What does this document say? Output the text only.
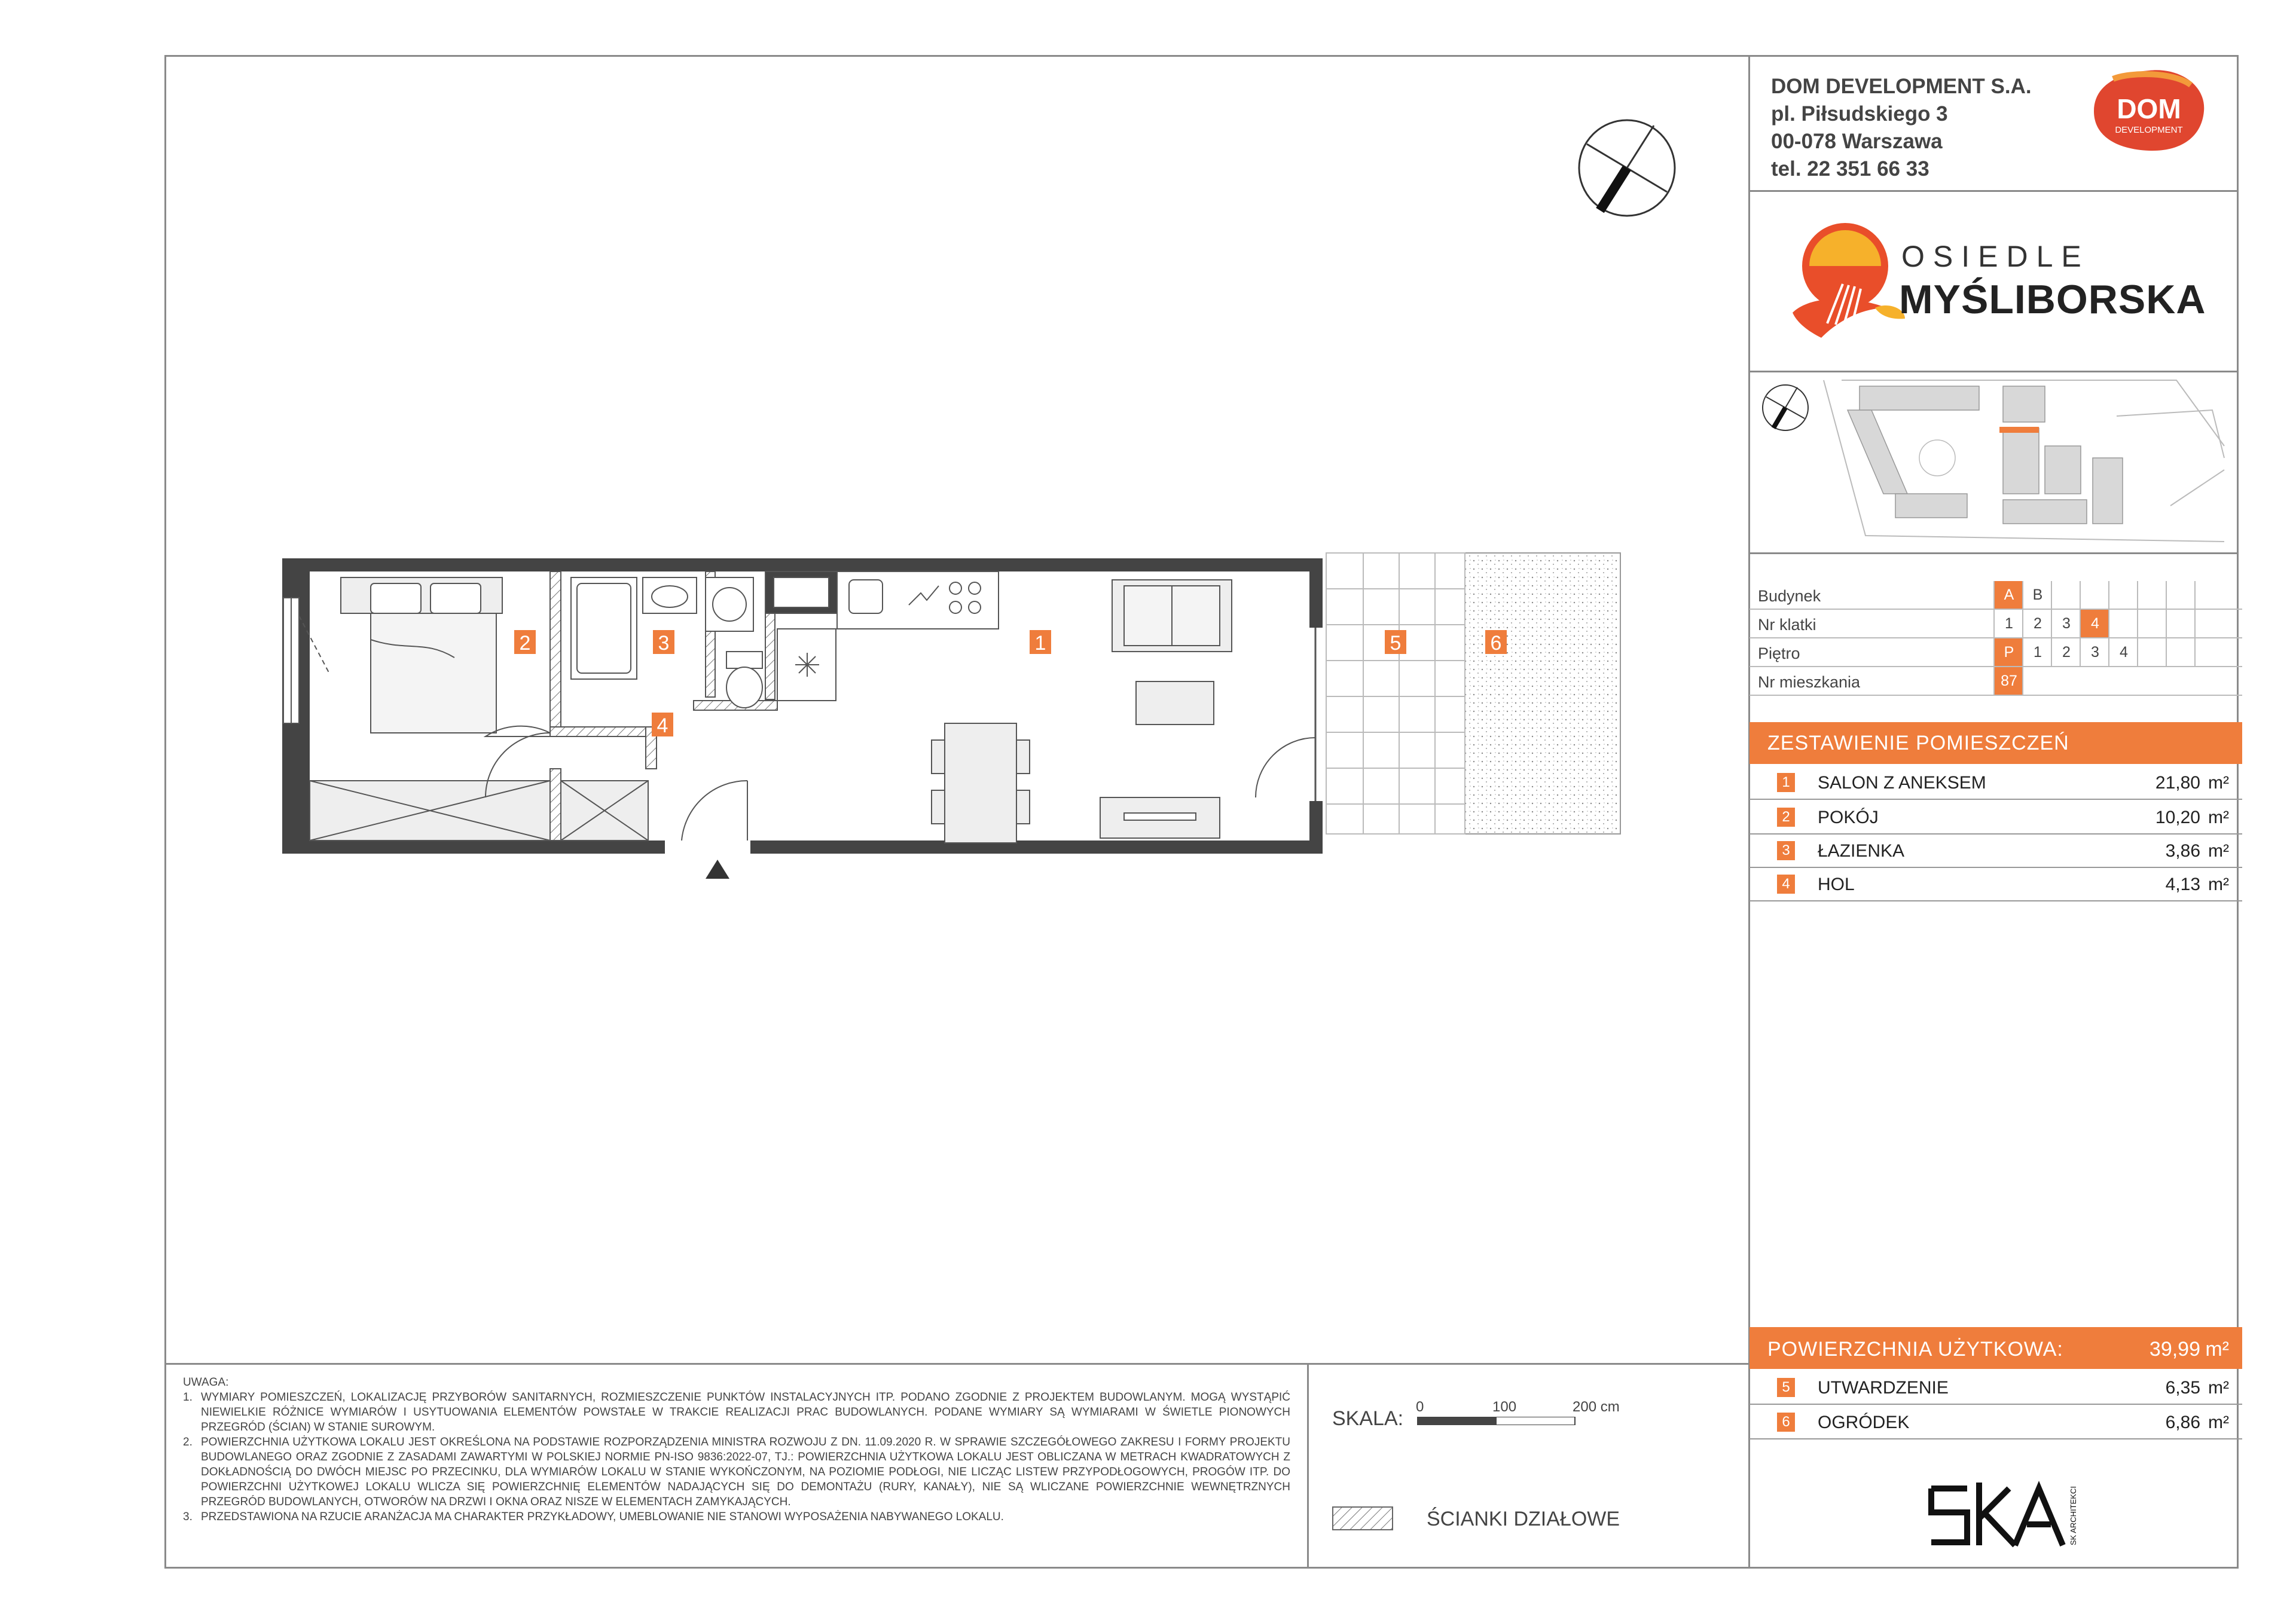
DOM DEVELOPMENT S.A.
pl. Piłsudskiego 3
00-078 Warszawa
tel. 22 351 66 33
DOM
DEVELOPMENT
OSIEDLE
MYŚLIBORSKA
Budynek	A	B
Nr klatki	1	2	3	4
Piętro	P	1	2	3	4
Nr mieszkania	87
ZESTAWIENIE POMIESZCZEŃ
1 SALON Z ANEKSEM	21,80 m²
2 POKÓJ	10,20 m²
3 ŁAZIENKA	3,86 m²
4 HOL	4,13 m²
POWIERZCHNIA UŻYTKOWA:	39,99 m²
5 UTWARDZENIE	6,35 m²
6 OGRÓDEK	6,86 m²
1
2	3
4
5	6

UWAGA:

1. WYMIARY POMIESZCZEŃ, LOKALIZACJĘ PRZYBORÓW SANITARNYCH, ROZMIESZCZENIE PUNKTÓW INSTALACYJNYCH ITP. PODANO ZGODNIE Z PROJEKTEM BUDOWLANYM. MOGĄ WYSTĄPIĆ NIEWIELKIE RÓŻNICE WYMIARÓW I USYTUOWANIA ELEMENTÓW POWSTAŁE W TRAKCIE REALIZACJI PRAC BUDOWLANYCH. PODANE WYMIARY SĄ WYMIARAMI W ŚWIETLE PIONOWYCH PRZEGRÓD (ŚCIAN) W STANIE SUROWYM.

2. POWIERZCHNIA UŻYTKOWA LOKALU JEST OKREŚLONA NA PODSTAWIE ROZPORZĄDZENIA MINISTRA ROZWOJU Z DN. 11.09.2020 R. W SPRAWIE SZCZEGÓŁOWEGO ZAKRESU I FORMY PROJEKTU BUDOWLANEGO ORAZ ZGODNIE Z ZASADAMI ZAWARTYMI W POLSKIEJ NORMIE PN-ISO 9836:2022-07, TJ.: POWIERZCHNIA UŻYTKOWA LOKALU JEST OBLICZANA W METRACH KWADRATOWYCH Z DOKŁADNOŚCIĄ DO DWÓCH MIEJSC PO PRZECINKU, DLA WYMIARÓW LOKALU W STANIE WYKOŃCZONYM, NA POZIOMIE PODŁOGI, NIE LICZĄC LISTEW PRZYPODŁOGOWYCH, PROGÓW ITP. DO POWIERZCHNI UŻYTKOWEJ LOKALU WLICZA SIĘ POWIERZCHNIĘ ELEMENTÓW NADAJĄCYCH SIĘ DO DEMONTAŻU (RURY, KANAŁY), NIE SĄ WLICZANE POWIERZCHNIE WEWNĘTRZNYCH PRZEGRÓD BUDOWLANYCH, OTWORÓW NA DRZWI I OKNA ORAZ NISZE W ELEMENTACH ZAMYKAJĄCYCH.

3. PRZEDSTAWIONA NA RZUCIE ARANŻACJA MA CHARAKTER PRZYKŁADOWY, UMEBLOWANIE NIE STANOWI WYPOSAŻENIA NABYWANEGO LOKALU.

SKALA:
0	100	200 cm
ŚCIANKI DZIAŁOWE	SK ARCHITEKCI
